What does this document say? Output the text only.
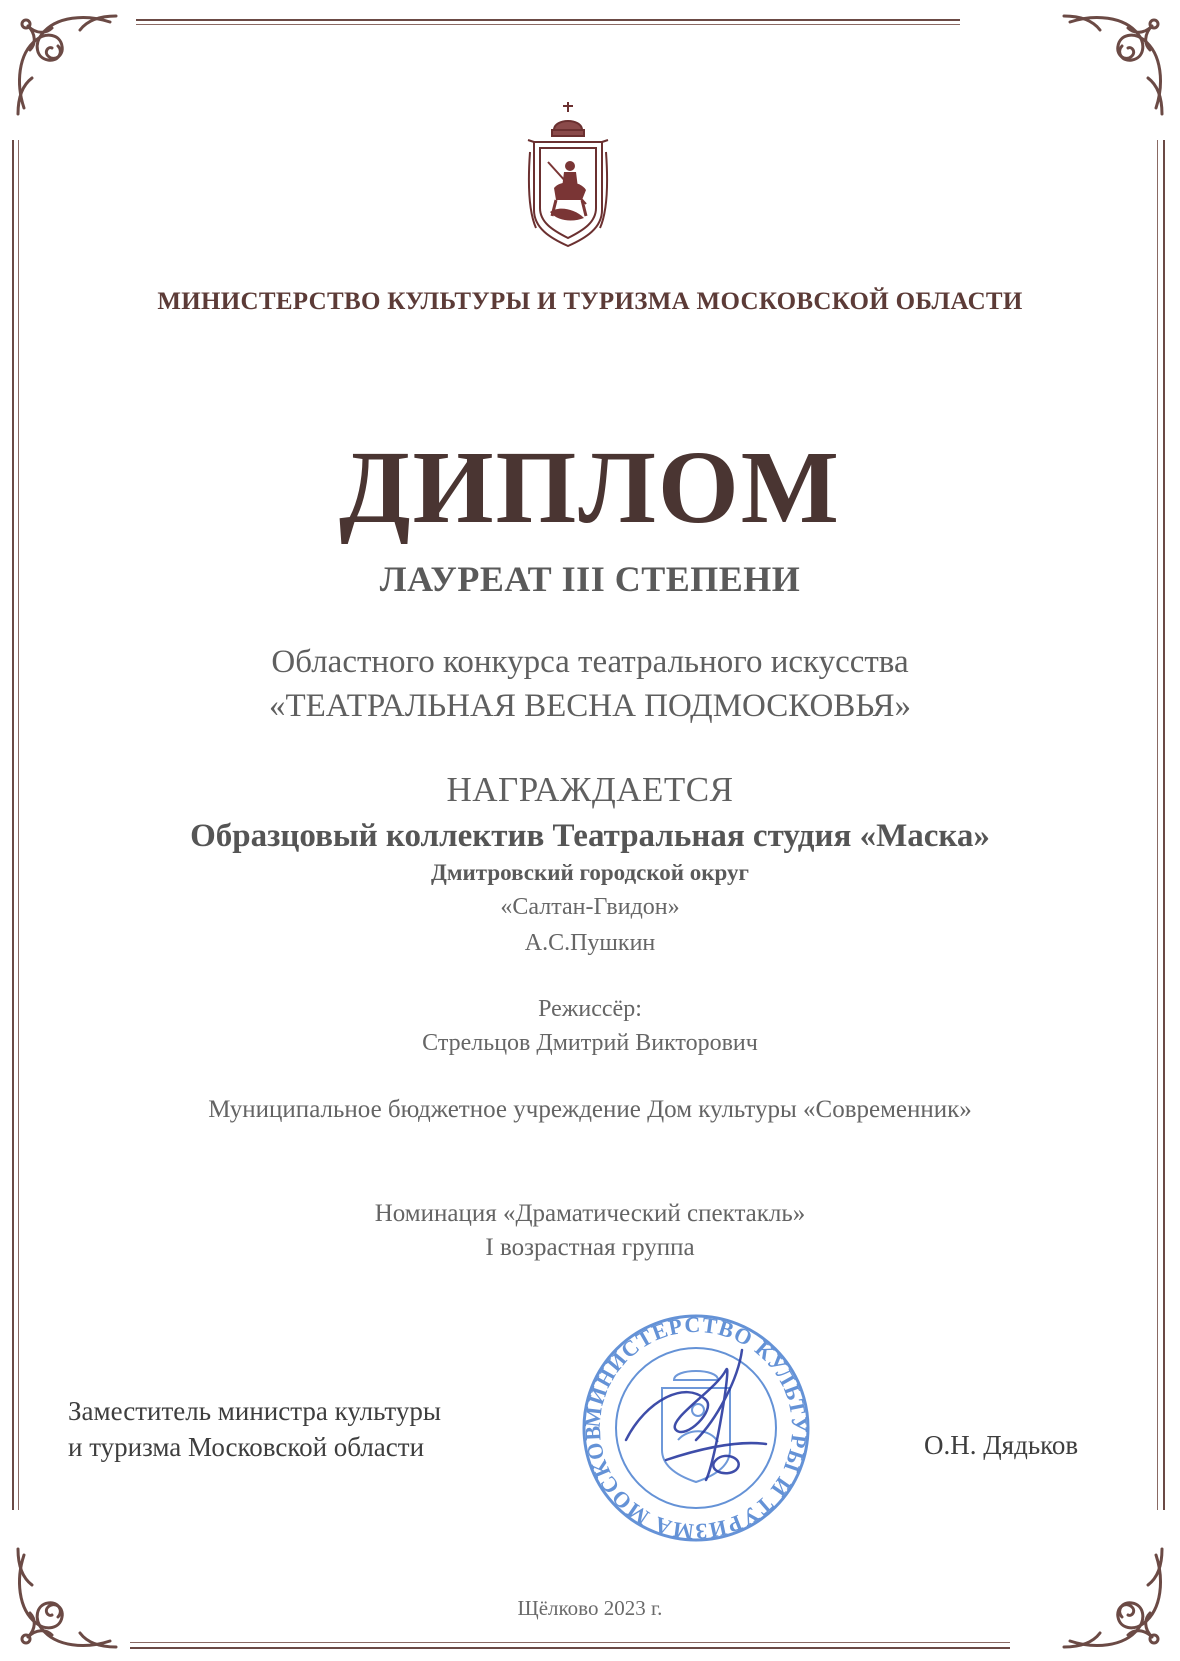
МИНИСТЕРСТВО КУЛЬТУРЫ И ТУРИЗМА МОСКОВСКОЙ ОБЛАСТИ
ДИПЛОМ
ЛАУРЕАТ III СТЕПЕНИ
Областного конкурса театрального искусства
«ТЕАТРАЛЬНАЯ ВЕСНА ПОДМОСКОВЬЯ»
НАГРАЖДАЕТСЯ
Образцовый коллектив Театральная студия «Маска»
Дмитровский городской округ
«Салтан-Гвидон»
А.С.Пушкин
Режиссёр:
Стрельцов Дмитрий Викторович
Муниципальное бюджетное учреждение Дом культуры «Современник»
Номинация «Драматический спектакль»
I возрастная группа
Заместитель министра культуры
и туризма Московской области	О.Н. Дядьков
МИНИСТЕРСТВО КУЛЬТУРЫ И ТУРИЗМА МОСКОВ
Щёлково 2023 г.
